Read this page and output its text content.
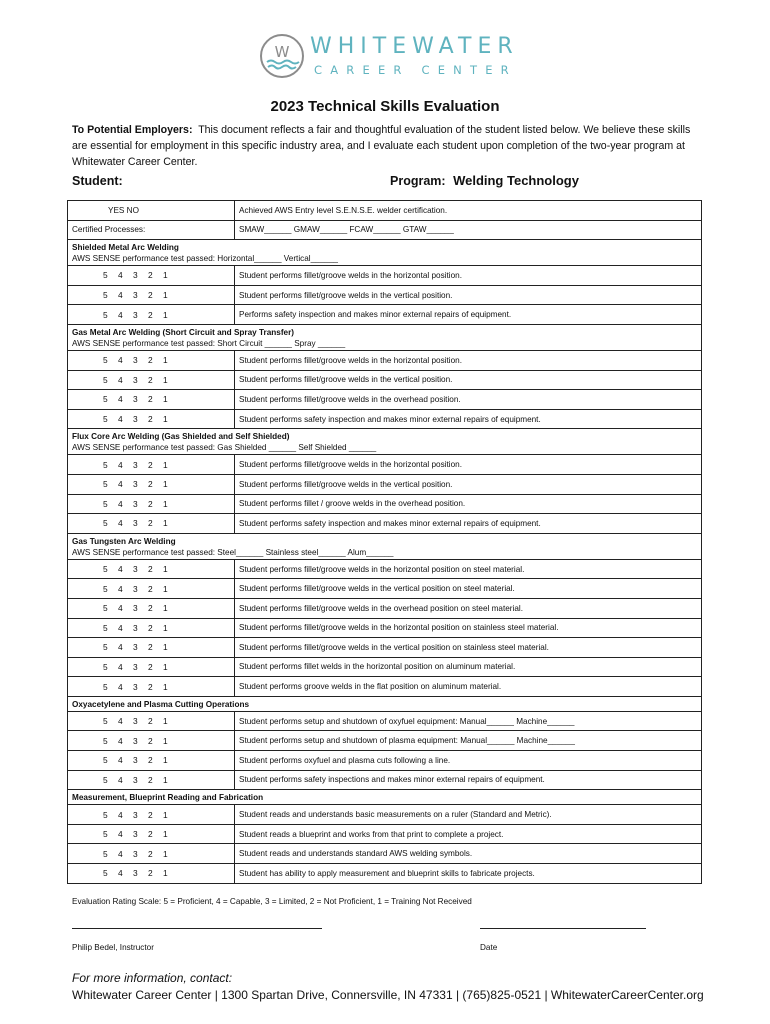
W WHITEWATER
CAREER CENTER
2023 Technical Skills Evaluation
To Potential Employers: This document reflects a fair and thoughtful evaluation of the student listed below. We believe these skills are essential for employment in this specific industry area, and I evaluate each student upon completion of the two-year program at Whitewater Career Center.
Student:	Program: Welding Technology
YES NO	Achieved AWS Entry level S.E.N.S.E. welder certification.
Certified Processes:	SMAW______ GMAW______ FCAW______ GTAW______

Shielded Metal Arc Welding
AWS SENSE performance test passed: Horizontal______ Vertical______	

5 4 3 2 1	Student performs fillet/groove welds in the horizontal position.
5 4 3 2 1	Student performs fillet/groove welds in the vertical position.
5 4 3 2 1	Performs safety inspection and makes minor external repairs of equipment.

Gas Metal Arc Welding (Short Circuit and Spray Transfer)
AWS SENSE performance test passed: Short Circuit ______ Spray ______	

5 4 3 2 1	Student performs fillet/groove welds in the horizontal position.
5 4 3 2 1	Student performs fillet/groove welds in the vertical position.
5 4 3 2 1	Student performs fillet/groove welds in the overhead position.
5 4 3 2 1	Student performs safety inspection and makes minor external repairs of equipment.

Flux Core Arc Welding (Gas Shielded and Self Shielded)
AWS SENSE performance test passed: Gas Shielded ______ Self Shielded ______	

5 4 3 2 1	Student performs fillet/groove welds in the horizontal position.
5 4 3 2 1	Student performs fillet/groove welds in the vertical position.
5 4 3 2 1	Student performs fillet / groove welds in the overhead position.
5 4 3 2 1	Student performs safety inspection and makes minor external repairs of equipment.

Gas Tungsten Arc Welding
AWS SENSE performance test passed: Steel______ Stainless steel______ Alum______	

5 4 3 2 1	Student performs fillet/groove welds in the horizontal position on steel material.
5 4 3 2 1	Student performs fillet/groove welds in the vertical position on steel material.
5 4 3 2 1	Student performs fillet/groove welds in the overhead position on steel material.
5 4 3 2 1	Student performs fillet/groove welds in the horizontal position on stainless steel material.
5 4 3 2 1	Student performs fillet/groove welds in the vertical position on stainless steel material.
5 4 3 2 1	Student performs fillet welds in the horizontal position on aluminum material.
5 4 3 2 1	Student performs groove welds in the flat position on aluminum material.

Oxyacetylene and Plasma Cutting Operations	

5 4 3 2 1	Student performs setup and shutdown of oxyfuel equipment: Manual______ Machine______
5 4 3 2 1	Student performs setup and shutdown of plasma equipment: Manual______ Machine______
5 4 3 2 1	Student performs oxyfuel and plasma cuts following a line.
5 4 3 2 1	Student performs safety inspections and makes minor external repairs of equipment.

Measurement, Blueprint Reading and Fabrication	

5 4 3 2 1	Student reads and understands basic measurements on a ruler (Standard and Metric).
5 4 3 2 1	Student reads a blueprint and works from that print to complete a project.
5 4 3 2 1	Student reads and understands standard AWS welding symbols.
5 4 3 2 1	Student has ability to apply measurement and blueprint skills to fabricate projects.
Evaluation Rating Scale: 5 = Proficient, 4 = Capable, 3 = Limited, 2 = Not Proficient, 1 = Training Not Received
Philip Bedel, Instructor	Date
For more information, contact:
Whitewater Career Center | 1300 Spartan Drive, Connersville, IN 47331 | (765)825-0521 | WhitewaterCareerCenter.org
